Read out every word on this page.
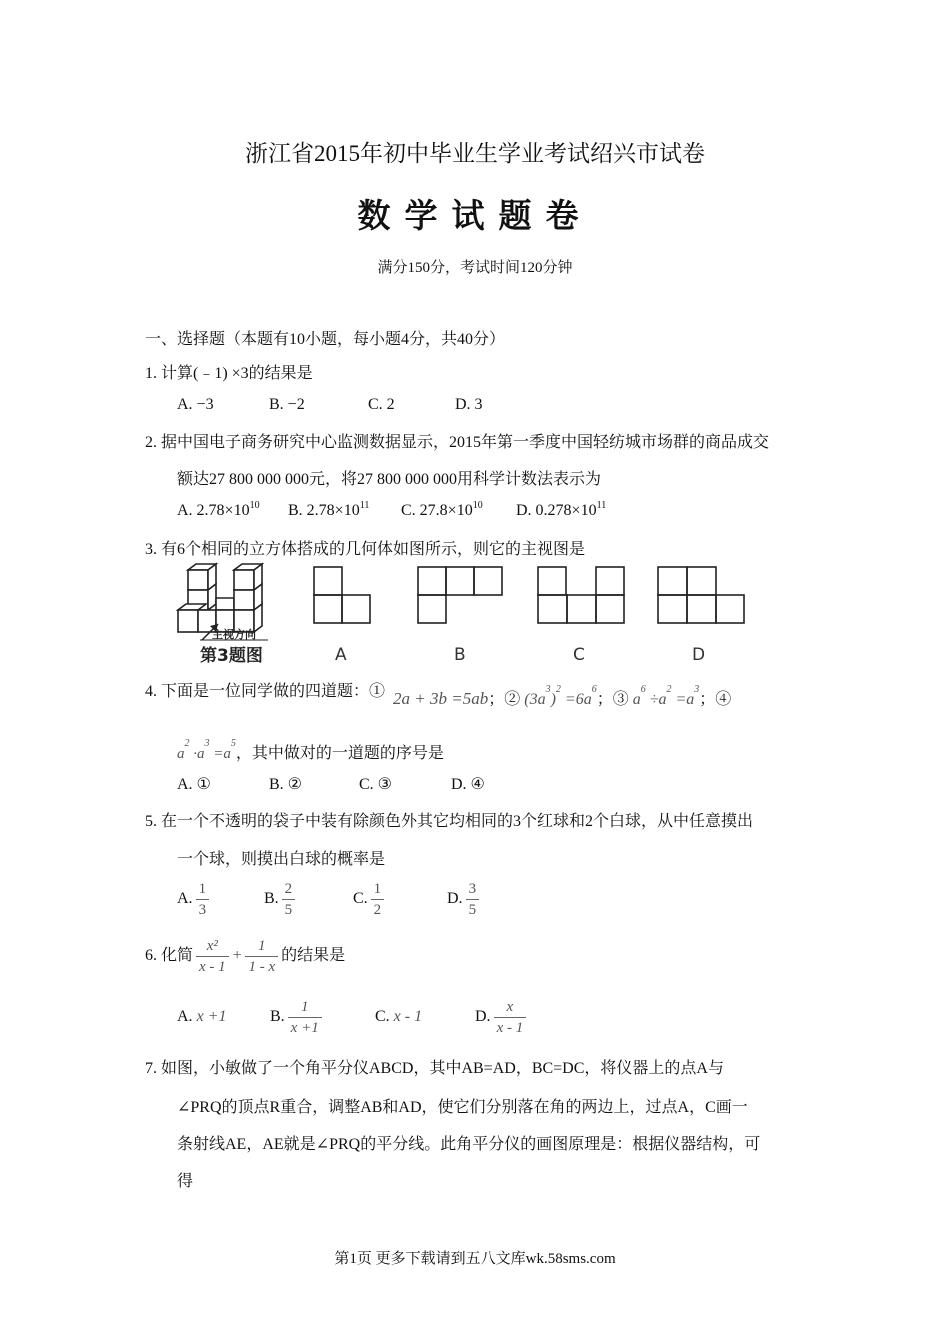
浙江省2015年初中毕业生学业考试绍兴市试卷
数学试题卷
满分150分，考试时间120分钟
一、选择题（本题有10小题，每小题4分，共40分）
1. 计算(﹣1) ×3的结果是
A. −3	B. −2	C. 2	D. 3
2. 据中国电子商务研究中心监测数据显示，2015年第一季度中国轻纺城市场群的商品成交
额达27 800 000 000元，将27 800 000 000用科学计数法表示为
A. $2.78\times 10^{10}$ B. $2.78\times 10^{11}$ C. $27.8\times 10^{10}$ D. $0.278\times 10^{11}$
3. 有6个相同的立方体搭成的几何体如图所示，则它的主视图是
主视方向
第3题图	A	B	C	D
4. 下面是一位同学做的四道题：① 2a + 3b =5ab；② $(3a^3)^2 =6a^6$；③ $a^6 \div a^2 =a^3$；④
$a^2 \cdot a^3 =a^5$，其中做对的一道题的序号是
A. ①	B. ②	C. ③	D. ④
5. 在一个不透明的袋子中装有除颜色外其它均相同的3个红球和2个白球，从中任意摸出
一个球，则摸出白球的概率是
A. $\frac{1}{3}$	B. $\frac{2}{5}$	C. $\frac{1}{2}$	D. $\frac{3}{5}$
6. 化简 $\frac{\text{x²}}{x - 1} + \frac{1}{1 - x}$ 的结果是
A. x +1	B. $\frac{1}{x +1}$	C. x - 1	D. $\frac{x}{x - 1}$
7. 如图，小敏做了一个角平分仪ABCD，其中AB=AD，BC=DC，将仪器上的点A与
∠PRQ的顶点R重合，调整AB和AD，使它们分别落在角的两边上，过点A，C画一
条射线AE，AE就是∠PRQ的平分线。此角平分仪的画图原理是：根据仪器结构，可
得
第1页 更多下载请到五八文库wk.58sms.com
